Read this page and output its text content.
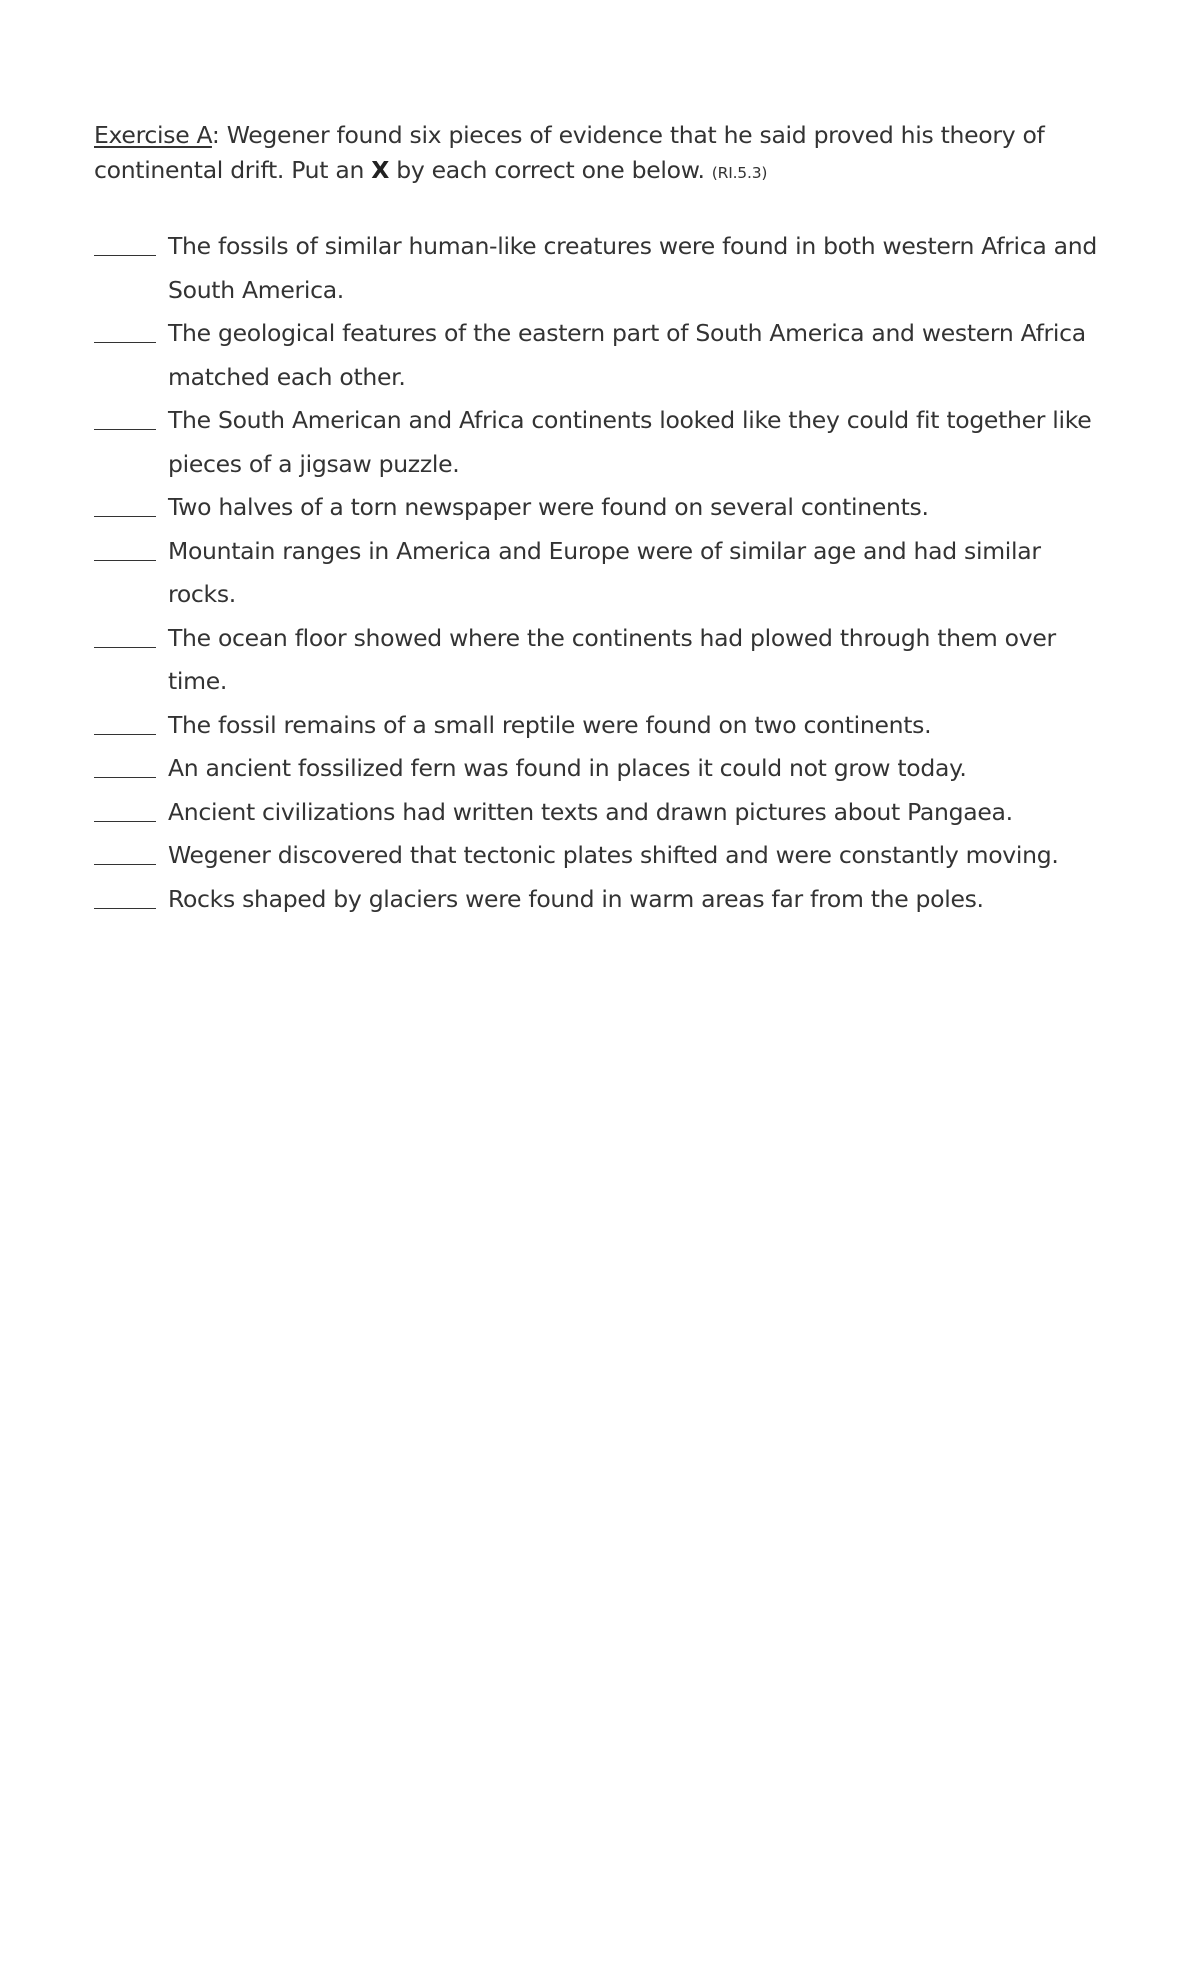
Exercise A: Wegener found six pieces of evidence that he said proved his theory of continental drift. Put an X by each correct one below. (RI.5.3)

The fossils of similar human-like creatures were found in both western Africa and South America.
The geological features of the eastern part of South America and western Africa matched each other.
The South American and Africa continents looked like they could fit together like pieces of a jigsaw puzzle.
Two halves of a torn newspaper were found on several continents.
Mountain ranges in America and Europe were of similar age and had similar rocks.
The ocean floor showed where the continents had plowed through them over time.
The fossil remains of a small reptile were found on two continents.
An ancient fossilized fern was found in places it could not grow today.
Ancient civilizations had written texts and drawn pictures about Pangaea.
Wegener discovered that tectonic plates shifted and were constantly moving.
Rocks shaped by glaciers were found in warm areas far from the poles.
